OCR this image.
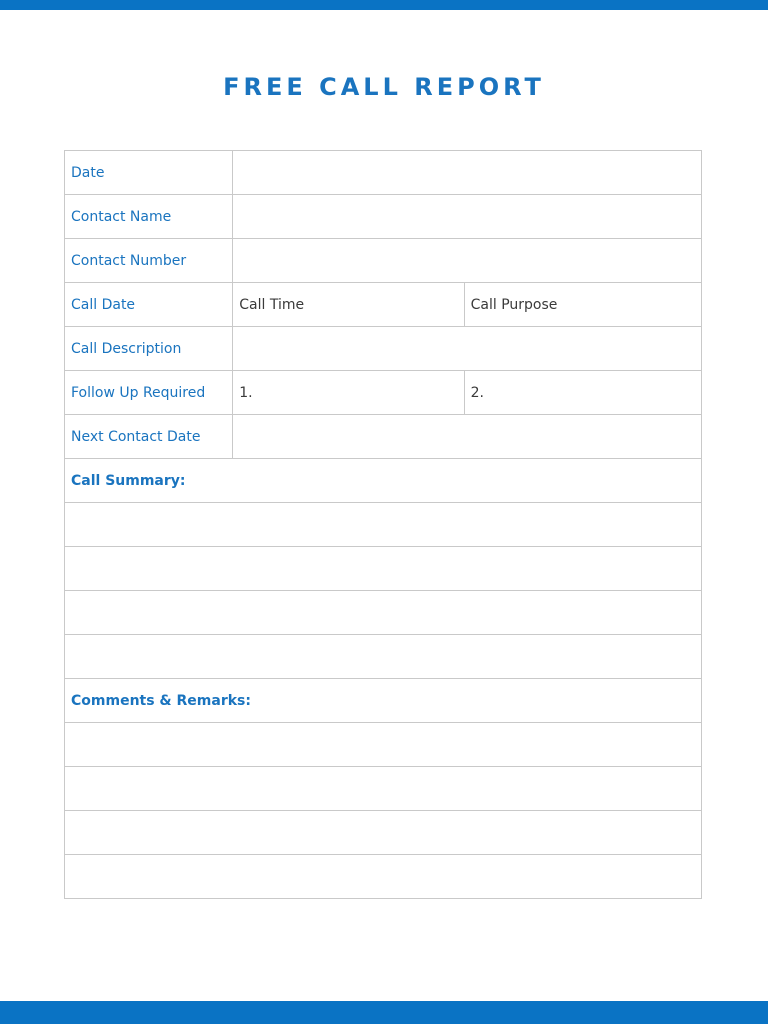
FREE CALL REPORT
Date		
Contact Name		
Contact Number		
Call Date	Call Time	Call Purpose
Call Description		
Follow Up Required	1.	2.
Next Contact Date		
Call Summary:		

Comments & Remarks:		
